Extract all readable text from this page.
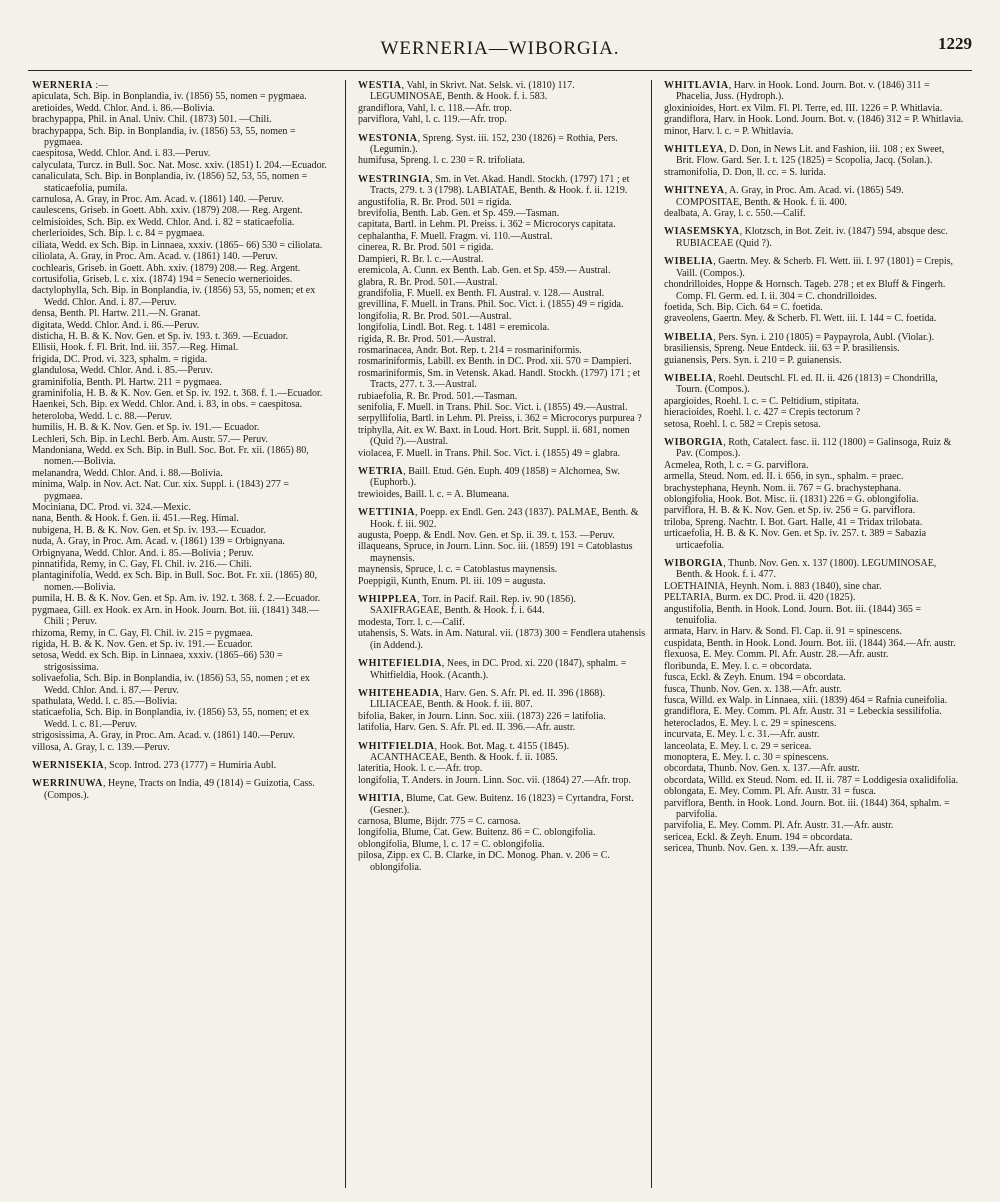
WERNERIA—WIBORGIA.	1229
WERNERIA :—
apiculata, Sch. Bip. in Bonplandia, iv. (1856) 55, nomen = pygmaea.
aretioides, Wedd. Chlor. And. i. 86.—Bolivia.
brachypappa, Phil. in Anal. Univ. Chil. (1873) 501. —Chili.
brachypappa, Sch. Bip. in Bonplandia, iv. (1856) 53, 55, nomen = pygmaea.
caespitosa, Wedd. Chlor. And. i. 83.—Peruv.
calyculata, Turcz. in Bull. Soc. Nat. Mosc. xxiv. (1851) I. 204.—Ecuador.
canaliculata, Sch. Bip. in Bonplandia, iv. (1856) 52, 53, 55, nomen = staticaefolia, pumila.
carnulosa, A. Gray, in Proc. Am. Acad. v. (1861) 140. —Peruv.
caulescens, Griseb. in Goett. Abh. xxiv. (1879) 208.— Reg. Argent.
celmisioides, Sch. Bip. ex Wedd. Chlor. And. i. 82 = staticaefolia.
cherlerioides, Sch. Bip. l. c. 84 = pygmaea.
ciliata, Wedd. ex Sch. Bip. in Linnaea, xxxiv. (1865– 66) 530 = ciliolata.
ciliolata, A. Gray, in Proc. Am. Acad. v. (1861) 140. —Peruv.
cochlearis, Griseb. in Goett. Abh. xxiv. (1879) 208.— Reg. Argent.
cortusifolia, Griseb. l. c. xix. (1874) 194 = Senecio wernerioides.
dactylophylla, Sch. Bip. in Bonplandia, iv. (1856) 53, 55, nomen; et ex Wedd. Chlor. And. i. 87.—Peruv.
densa, Benth. Pl. Hartw. 211.—N. Granat.
digitata, Wedd. Chlor. And. i. 86.—Peruv.
disticha, H. B. & K. Nov. Gen. et Sp. iv. 193. t. 369. —Ecuador.
Ellisii, Hook. f. Fl. Brit. Ind. iii. 357.—Reg. Himal.
frigida, DC. Prod. vi. 323, sphalm. = rigida.
glandulosa, Wedd. Chlor. And. i. 85.—Peruv.
graminifolia, Benth. Pl. Hartw. 211 = pygmaea.
graminifolia, H. B. & K. Nov. Gen. et Sp. iv. 192. t. 368. f. 1.—Ecuador.
Haenkei, Sch. Bip. ex Wedd. Chlor. And. i. 83, in obs. = caespitosa.
heteroloba, Wedd. l. c. 88.—Peruv.
humilis, H. B. & K. Nov. Gen. et Sp. iv. 191.— Ecuador.
Lechleri, Sch. Bip. in Lechl. Berb. Am. Austr. 57.— Peruv.
Mandoniana, Wedd. ex Sch. Bip. in Bull. Soc. Bot. Fr. xii. (1865) 80, nomen.—Bolivia.
melanandra, Wedd. Chlor. And. i. 88.—Bolivia.
minima, Walp. in Nov. Act. Nat. Cur. xix. Suppl. i. (1843) 277 = pygmaea.
Mociniana, DC. Prod. vi. 324.—Mexic.
nana, Benth. & Hook. f. Gen. ii. 451.—Reg. Himal.
nubigena, H. B. & K. Nov. Gen. et Sp. iv. 193.— Ecuador.
nuda, A. Gray, in Proc. Am. Acad. v. (1861) 139 = Orbignyana.
Orbignyana, Wedd. Chlor. And. i. 85.—Bolivia ; Peruv.
pinnatifida, Remy, in C. Gay, Fl. Chil. iv. 216.— Chili.
plantaginifolia, Wedd. ex Sch. Bip. in Bull. Soc. Bot. Fr. xii. (1865) 80, nomen.—Bolivia.
pumila, H. B. & K. Nov. Gen. et Sp. Am. iv. 192. t. 368. f. 2.—Ecuador.
pygmaea, Gill. ex Hook. ex Arn. in Hook. Journ. Bot. iii. (1841) 348.—Chili ; Peruv.
rhizoma, Remy, in C. Gay, Fl. Chil. iv. 215 = pygmaea.
rigida, H. B. & K. Nov. Gen. et Sp. iv. 191.— Ecuador.
setosa, Wedd. ex Sch. Bip. in Linnaea, xxxiv. (1865–66) 530 = strigosissima.
solivaefolia, Sch. Bip. in Bonplandia, iv. (1856) 53, 55, nomen ; et ex Wedd. Chlor. And. i. 87.— Peruv.
spathulata, Wedd. l. c. 85.—Bolivia.
staticaefolia, Sch. Bip. in Bonplandia, iv. (1856) 53, 55, nomen; et ex Wedd. l. c. 81.—Peruv.
strigosissima, A. Gray, in Proc. Am. Acad. v. (1861) 140.—Peruv.
villosa, A. Gray, l. c. 139.—Peruv.
WERNISEKIA, Scop. Introd. 273 (1777) = Humiria Aubl.
WERRINUWA, Heyne, Tracts on India, 49 (1814) = Guizotia, Cass. (Compos.).
WESTIA, Vahl, in Skrivt. Nat. Selsk. vi. (1810) 117. LEGUMINOSAE, Benth. & Hook. f. i. 583.
grandiflora, Vahl, l. c. 118.—Afr. trop.
parviflora, Vahl, l. c. 119.—Afr. trop.
WESTONIA, Spreng. Syst. iii. 152, 230 (1826) = Rothia, Pers. (Legumin.).
humifusa, Spreng. l. c. 230 = R. trifoliata.
WESTRINGIA, Sm. in Vet. Akad. Handl. Stockh. (1797) 171 ; et Tracts, 279. t. 3 (1798). LABIATAE, Benth. & Hook. f. ii. 1219.
angustifolia, R. Br. Prod. 501 = rigida.
brevifolia, Benth. Lab. Gen. et Sp. 459.—Tasman.
capitata, Bartl. in Lehm. Pl. Preiss. i. 362 = Microcorys capitata.
cephalantha, F. Muell. Fragm. vi. 110.—Austral.
cinerea, R. Br. Prod. 501 = rigida.
Dampieri, R. Br. l. c.—Austral.
eremicola, A. Cunn. ex Benth. Lab. Gen. et Sp. 459.— Austral.
glabra, R. Br. Prod. 501.—Austral.
grandifolia, F. Muell. ex Benth. Fl. Austral. v. 128.— Austral.
grevillina, F. Muell. in Trans. Phil. Soc. Vict. i. (1855) 49 = rigida.
longifolia, R. Br. Prod. 501.—Austral.
longifolia, Lindl. Bot. Reg. t. 1481 = eremicola.
rigida, R. Br. Prod. 501.—Austral.
rosmarinacea, Andr. Bot. Rep. t. 214 = rosmariniformis.
rosmariniformis, Labill. ex Benth. in DC. Prod. xii. 570 = Dampieri.
rosmariniformis, Sm. in Vetensk. Akad. Handl. Stockh. (1797) 171 ; et Tracts, 277. t. 3.—Austral.
rubiaefolia, R. Br. Prod. 501.—Tasman.
senifolia, F. Muell. in Trans. Phil. Soc. Vict. i. (1855) 49.—Austral.
serpyllifolia, Bartl. in Lehm. Pl. Preiss, i. 362 = Microcorys purpurea ?
triphylla, Ait. ex W. Baxt. in Loud. Hort. Brit. Suppl. ii. 681, nomen (Quid ?).—Austral.
violacea, F. Muell. in Trans. Phil. Soc. Vict. i. (1855) 49 = glabra.
WETRIA, Baill. Etud. Gén. Euph. 409 (1858) = Alchornea, Sw. (Euphorb.).
trewioides, Baill. l. c. = A. Blumeana.
WETTINIA, Poepp. ex Endl. Gen. 243 (1837). PALMAE, Benth. & Hook. f. iii. 902.
augusta, Poepp. & Endl. Nov. Gen. et Sp. ii. 39. t. 153. —Peruv.
illaqueans, Spruce, in Journ. Linn. Soc. iii. (1859) 191 = Catoblastus maynensis.
maynensis, Spruce, l. c. = Catoblastus maynensis.
Poeppigii, Kunth, Enum. Pl. iii. 109 = augusta.
WHIPPLEA, Torr. in Pacif. Rail. Rep. iv. 90 (1856). SAXIFRAGEAE, Benth. & Hook. f. i. 644.
modesta, Torr. l. c.—Calif.
utahensis, S. Wats. in Am. Natural. vii. (1873) 300 = Fendlera utahensis (in Addend.).
WHITEFIELDIA, Nees, in DC. Prod. xi. 220 (1847), sphalm. = Whitfieldia, Hook. (Acanth.).
WHITEHEADIA, Harv. Gen. S. Afr. Pl. ed. II. 396 (1868). LILIACEAE, Benth. & Hook. f. iii. 807.
bifolia, Baker, in Journ. Linn. Soc. xiii. (1873) 226 = latifolia.
latifolia, Harv. Gen. S. Afr. Pl. ed. II. 396.—Afr. austr.
WHITFIELDIA, Hook. Bot. Mag. t. 4155 (1845). ACANTHACEAE, Benth. & Hook. f. ii. 1085.
lateritia, Hook. l. c.—Afr. trop.
longifolia, T. Anders. in Journ. Linn. Soc. vii. (1864) 27.—Afr. trop.
WHITIA, Blume, Cat. Gew. Buitenz. 16 (1823) = Cyrtandra, Forst. (Gesner.).
carnosa, Blume, Bijdr. 775 = C. carnosa.
longifolia, Blume, Cat. Gew. Buitenz. 86 = C. oblongifolia.
oblongifolia, Blume, l. c. 17 = C. oblongifolia.
pilosa, Zipp. ex C. B. Clarke, in DC. Monog. Phan. v. 206 = C. oblongifolia.
WHITLAVIA, Harv. in Hook. Lond. Journ. Bot. v. (1846) 311 = Phacelia, Juss. (Hydroph.).
gloxinioides, Hort. ex Vilm. Fl. Pl. Terre, ed. III. 1226 = P. Whitlavia.
grandiflora, Harv. in Hook. Lond. Journ. Bot. v. (1846) 312 = P. Whitlavia.
minor, Harv. l. c. = P. Whitlavia.
WHITLEYA, D. Don, in News Lit. and Fashion, iii. 108 ; ex Sweet, Brit. Flow. Gard. Ser. I. t. 125 (1825) = Scopolia, Jacq. (Solan.).
stramonifolia, D. Don, ll. cc. = S. lurida.
WHITNEYA, A. Gray, in Proc. Am. Acad. vi. (1865) 549. COMPOSITAE, Benth. & Hook. f. ii. 400.
dealbata, A. Gray, l. c. 550.—Calif.
WIASEMSKYA, Klotzsch, in Bot. Zeit. iv. (1847) 594, absque desc. RUBIACEAE (Quid ?).
WIBELIA, Gaertn. Mey. & Scherb. Fl. Wett. iii. I. 97 (1801) = Crepis, Vaill. (Compos.).
chondrilloides, Hoppe & Hornsch. Tageb. 278 ; et ex Bluff & Fingerh. Comp. Fl. Germ. ed. I. ii. 304 = C. chondrilloides.
foetida, Sch. Bip. Cich. 64 = C. foetida.
graveolens, Gaertn. Mey. & Scherb. Fl. Wett. iii. I. 144 = C. foetida.
WIBELIA, Pers. Syn. i. 210 (1805) = Paypayrola, Aubl. (Violar.).
brasiliensis, Spreng. Neue Entdeck. iii. 63 = P. brasiliensis.
guianensis, Pers. Syn. i. 210 = P. guianensis.
WIBELIA, Roehl. Deutschl. Fl. ed. II. ii. 426 (1813) = Chondrilla, Tourn. (Compos.).
apargioides, Roehl. l. c. = C. Peltidium, stipitata.
hieracioides, Roehl. l. c. 427 = Crepis tectorum ?
setosa, Roehl. l. c. 582 = Crepis setosa.
WIBORGIA, Roth, Catalect. fasc. ii. 112 (1800) = Galinsoga, Ruiz & Pav. (Compos.).
Acmelea, Roth, l. c. = G. parviflora.
armella, Steud. Nom. ed. II. i. 656, in syn., sphalm. = praec.
brachystephana, Heynh. Nom. ii. 767 = G. brachystephana.
oblongifolia, Hook. Bot. Misc. ii. (1831) 226 = G. oblongifolia.
parviflora, H. B. & K. Nov. Gen. et Sp. iv. 256 = G. parviflora.
triloba, Spreng. Nachtr. I. Bot. Gart. Halle, 41 = Tridax trilobata.
urticaefolia, H. B. & K. Nov. Gen. et Sp. iv. 257. t. 389 = Sabazia urticaefolia.
WIBORGIA, Thunb. Nov. Gen. x. 137 (1800). LEGUMINOSAE, Benth. & Hook. f. i. 477.
LOETHAINIA, Heynh. Nom. i. 883 (1840), sine char.
PELTARIA, Burm. ex DC. Prod. ii. 420 (1825).
angustifolia, Benth. in Hook. Lond. Journ. Bot. iii. (1844) 365 = tenuifolia.
armata, Harv. in Harv. & Sond. Fl. Cap. ii. 91 = spinescens.
cuspidata, Benth. in Hook. Lond. Journ. Bot. iii. (1844) 364.—Afr. austr.
flexuosa, E. Mey. Comm. Pl. Afr. Austr. 28.—Afr. austr.
floribunda, E. Mey. l. c. = obcordata.
fusca, Eckl. & Zeyh. Enum. 194 = obcordata.
fusca, Thunb. Nov. Gen. x. 138.—Afr. austr.
fusca, Willd. ex Walp. in Linnaea, xiii. (1839) 464 = Rafnia cuneifolia.
grandiflora, E. Mey. Comm. Pl. Afr. Austr. 31 = Lebeckia sessilifolia.
heteroclados, E. Mey. l. c. 29 = spinescens.
incurvata, E. Mey. l. c. 31.—Afr. austr.
lanceolata, E. Mey. l. c. 29 = sericea.
monoptera, E. Mey. l. c. 30 = spinescens.
obcordata, Thunb. Nov. Gen. x. 137.—Afr. austr.
obcordata, Willd. ex Steud. Nom. ed. II. ii. 787 = Loddigesia oxalidifolia.
oblongata, E. Mey. Comm. Pl. Afr. Austr. 31 = fusca.
parviflora, Benth. in Hook. Lond. Journ. Bot. iii. (1844) 364, sphalm. = parvifolia.
parvifolia, E. Mey. Comm. Pl. Afr. Austr. 31.—Afr. austr.
sericea, Eckl. & Zeyh. Enum. 194 = obcordata.
sericea, Thunb. Nov. Gen. x. 139.—Afr. austr.
